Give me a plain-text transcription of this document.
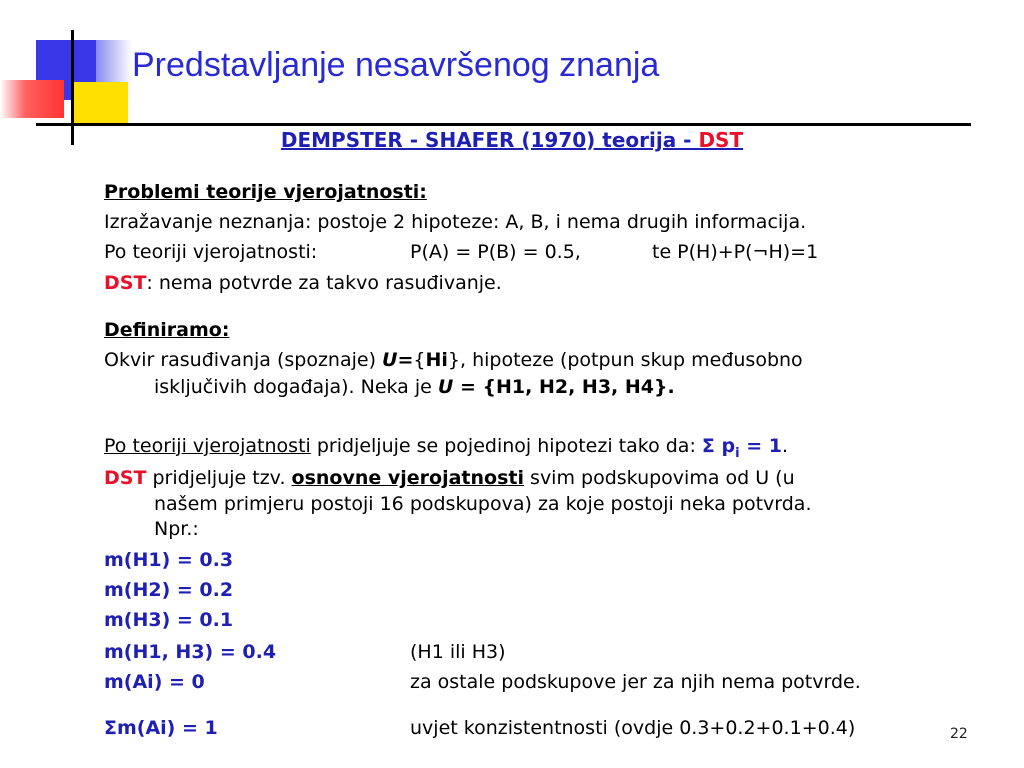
Predstavljanje nesavršenog znanja
DEMPSTER - SHAFER (1970) teorija - DST
Problemi teorije vjerojatnosti:
Izražavanje neznanja: postoje 2 hipoteze: A, B, i nema drugih informacija.
Po teoriji vjerojatnosti:	P(A) = P(B) = 0.5,	te P(H)+P(¬H)=1
DST: nema potvrde za takvo rasuđivanje.
Definiramo:
Okvir rasuđivanja (spoznaje) U={Hi}, hipoteze (potpun skup međusobno
isključivih događaja). Neka je U = {H1, H2, H3, H4}.
Po teoriji vjerojatnosti pridjeljuje se pojedinoj hipotezi tako da: Σ $p_i = 1$.
DST pridjeljuje tzv. osnovne vjerojatnosti svim podskupovima od U (u
našem primjeru postoji 16 podskupova) za koje postoji neka potvrda.
Npr.:
m(H1) = 0.3
m(H2) = 0.2
m(H3) = 0.1
m(H1, H3) = 0.4	(H1 ili H3)
m(Ai) = 0	za ostale podskupove jer za njih nema potvrde.
Σm(Ai) = 1	uvjet konzistentnosti (ovdje 0.3+0.2+0.1+0.4)	22
